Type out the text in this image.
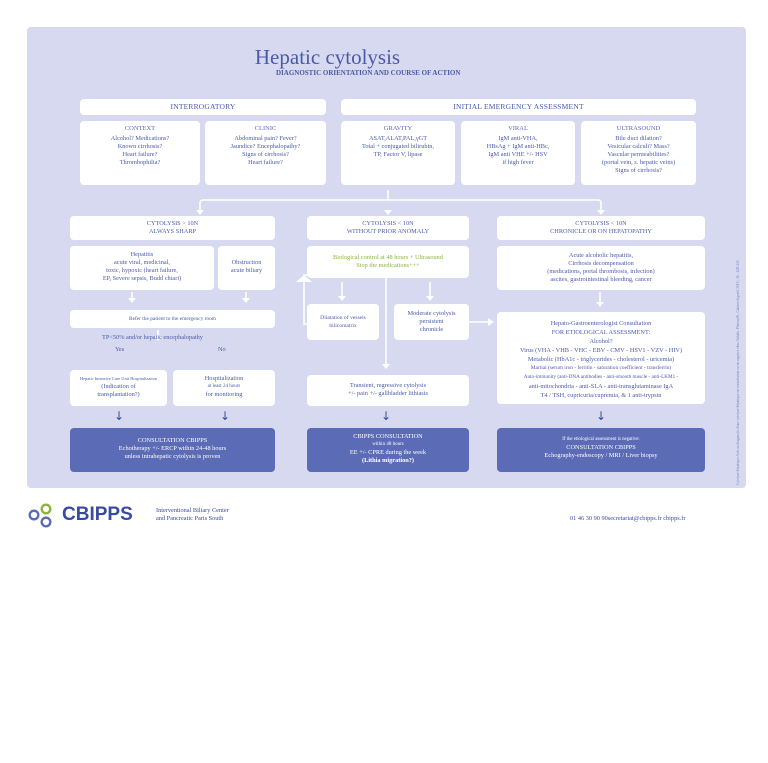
Hepatic cytolysis
DIAGNOSTIC ORIENTATION AND COURSE OF ACTION
INTERROGATORY
CONTEXT
Alcohol? Medications?
Known cirrhosis?
Heart failure?
Thrombophilia?
CLINIC
Abdominal pain? Fever?
Jaundice? Encephalopathy?
Signs of cirrhosis?
Heart failure?
INITIAL EMERGENCY ASSESSMENT
GRAVITY
ASAT,ALAT,PAL,γGT
Total + conjugated bilirubin,
TP, Factor V, lipase
VIRAL
IgM anti-VHA,
HBsAg + IgM anti-HBc,
IgM anti VHE +/- HSV
if high fever
ULTRASOUND
Bile duct dilation?
Vesicular calculi? Mass?
Vascular permeabilities?
(portal vein, s. hepatic veins)
Signs of cirrhosis?
CYTOLYSIS > 10N
ALWAYS SHARP
Hepatitis
acute viral, medicinal,
toxic, hypoxic (heart failure,
EP, Severe sepsis, Budd chiari)
Obstruction
acute biliary
Refer the patient to the emergency room
TP<50% and/or hepatic encephalopathy
Yes	No
Hepatic Intensive Care Unit Hospitalization
(Indication of
transplantation?)
Hospitalization
at least 24 hours
for monitoring
↓	↓
CONSULTATION CBIPPS
Echotherapy +/- ERCP within 24-48 hours
unless intrahepatic cytolysis is proven
CYTOLYSIS < 10N
WITHOUT PRIOR ANOMALY
Biological control at 48 hours + Ultrasound
Stop the medications+++
Dilatation of vessels
bilicomatrix
Moderate cytolysis
persistent
chronicle
Transient, regressive cytolysis
+/- pain +/- gallbladder lithiasis
↓
CBIPPS CONSULTATION
within 48 hours
EE +/- CPRE during the week
(Lithia migration?)
CYTOLYSIS < 10N
CHRONICLE OR ON HEPATOPATHY
Acute alcoholic hepatitis,
Cirrhosis decompensation
(medications, portal thrombosis, infection)
ascites, gastrointestinal bleeding, cancer
Hepato-Gastroenterologist Consultation
FOR ETIOLOGICAL ASSESSMENT:
Alcohol?
Virus (VHA - VHB - VHC - EBV - CMV - HSV1 - VZV - HIV)
Metabolic (HbA1c - triglycerides - cholesterol - uricemia)
Martial (serum iron - ferritin - saturation coefficient - transferrin)
Auto-immunity (anti-DNA antibodies - anti-smooth muscle - anti-LKM1 -
anti-mitochondria - anti-SLA - anti-transglutaminase IgA
T4 / TSH, cupricuria/cupremia, & 1 anti-trypsin
↓
If the etiological assessment is negative:
CONSULTATION CBIPPS
Echography-endoscopy / MRI / Liver biopsy	Cytolyse hépatique Aide au diagnostic d'une cytolyse hépatique en consultation ou en urgence chez l'adulte. Plateau B., Cabinet digestif 2015 ; 36 : 428-430
CBIPPS	Interventional Biliary Center
and Pancreatic Paris South	01 46 30 90 90secretariat@cbipps.fr cbipps.fr
